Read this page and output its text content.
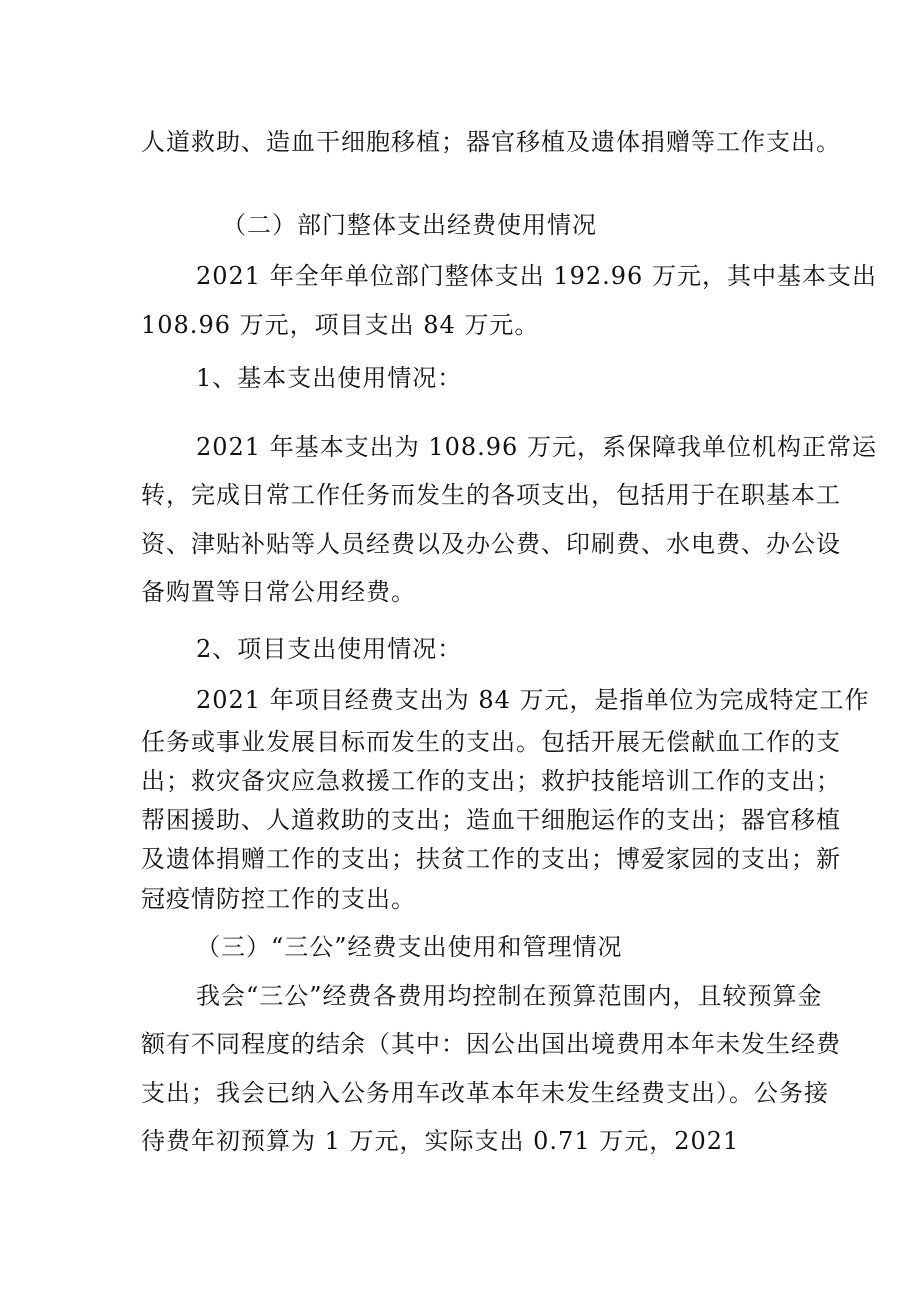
人道救助、造血干细胞移植；器官移植及遗体捐赠等工作支出。
（二）部门整体支出经费使用情况
2021 年全年单位部门整体支出 192.96 万元，其中基本支出
108.96 万元，项目支出 84 万元。
1、基本支出使用情况：
2021 年基本支出为 108.96 万元，系保障我单位机构正常运
转，完成日常工作任务而发生的各项支出，包括用于在职基本工
资、津贴补贴等人员经费以及办公费、印刷费、水电费、办公设
备购置等日常公用经费。
2、项目支出使用情况：
2021 年项目经费支出为 84 万元，是指单位为完成特定工作
任务或事业发展目标而发生的支出。包括开展无偿献血工作的支
出；救灾备灾应急救援工作的支出；救护技能培训工作的支出；
帮困援助、人道救助的支出；造血干细胞运作的支出；器官移植
及遗体捐赠工作的支出；扶贫工作的支出；博爱家园的支出；新
冠疫情防控工作的支出。
（三）“三公”经费支出使用和管理情况
我会“三公”经费各费用均控制在预算范围内，且较预算金
额有不同程度的结余（其中：因公出国出境费用本年未发生经费
支出；我会已纳入公务用车改革本年未发生经费支出）。公务接
待费年初预算为 1 万元，实际支出 0.71 万元，2021
